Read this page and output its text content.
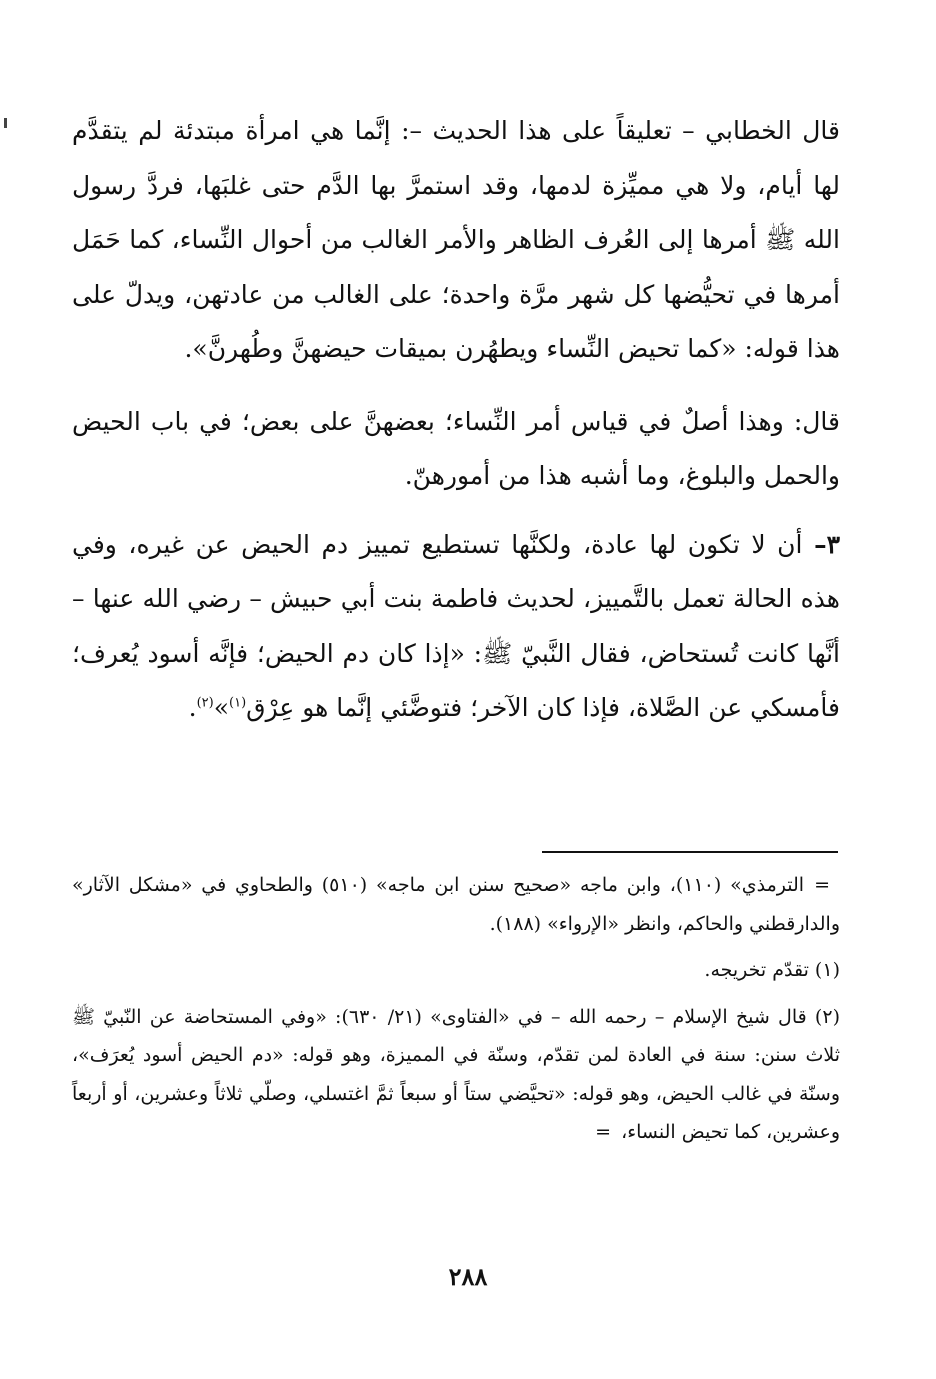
قال الخطابي – تعليقاً على هذا الحديث –: إنَّما هي امرأة مبتدئة لم يتقدَّم لها أيام، ولا هي مميِّزة لدمها، وقد استمرَّ بها الدَّم حتى غلبَها، فردَّ رسول الله ﷺ أمرها إلى العُرف الظاهر والأمر الغالب من أحوال النِّساء، كما حَمَل أمرها في تحيُّضها كل شهر مرَّة واحدة؛ على الغالب من عادتهن، ويدلّ على هذا قوله: «كما تحيض النِّساء ويطهُرن بميقات حيضهنَّ وطُهرنَّ».

قال: وهذا أصلٌ في قياس أمر النِّساء؛ بعضهنَّ على بعض؛ في باب الحيض والحمل والبلوغ، وما أشبه هذا من أمورهنّ.

٣– أن لا تكون لها عادة، ولكنَّها تستطيع تمييز دم الحيض عن غيره، وفي هذه الحالة تعمل بالتَّمييز، لحديث فاطمة بنت أبي حبيش – رضي الله عنها – أنَّها كانت تُستحاض، فقال النَّبيّ ﷺ: «إذا كان دم الحيض؛ فإنَّه أسود يُعرف؛ فأمسكي عن الصَّلاة، فإذا كان الآخر؛ فتوضَّئي إنَّما هو عِرْق$^{(١)}$»$^{(٢)}$.

=الترمذي» (١١٠)، وابن ماجه «صحيح سنن ابن ماجه» (٥١٠) والطحاوي في «مشكل الآثار» والدارقطني والحاكم، وانظر «الإرواء» (١٨٨).

(١) تقدّم تخريجه.

(٢) قال شيخ الإسلام – رحمه الله – في «الفتاوى» (٢١/ ٦٣٠): «وفي المستحاضة عن النّبيّ ﷺ ثلاث سنن: سنة في العادة لمن تقدّم، وسنّة في المميزة، وهو قوله: «دم الحيض أسود يُعرَف»، وسنّة في غالب الحيض، وهو قوله: «تحيَّضي ستاً أو سبعاً ثمَّ اغتسلي، وصلّي ثلاثاً وعشرين، أو أربعاً وعشرين، كما تحيض النساء،=

٢٨٨
